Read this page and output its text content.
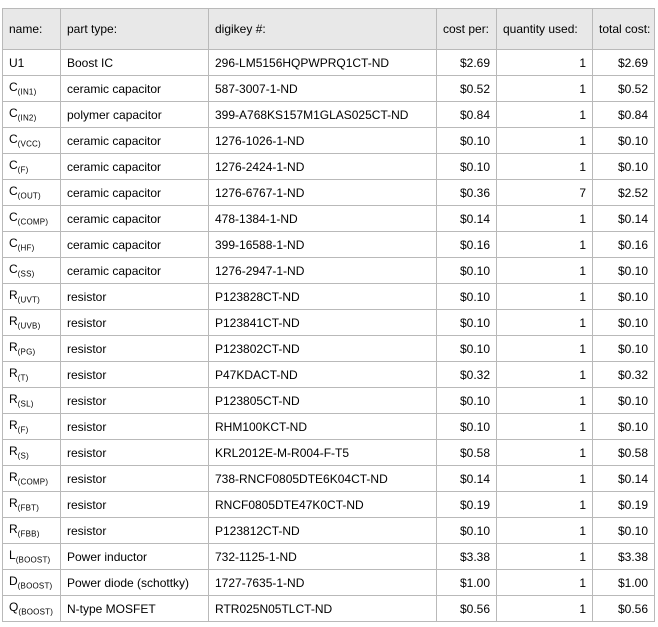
name:	part type:	digikey #:	cost per:	quantity used:	total cost:
U1	Boost IC	296-LM5156HQPWPRQ1CT-ND	$2.69	1	$2.69
$C_{(IN1)}$	ceramic capacitor	587-3007-1-ND	$0.52	1	$0.52
$C_{(IN2)}$	polymer capacitor	399-A768KS157M1GLAS025CT-ND	$0.84	1	$0.84
$C_{(VCC)}$	ceramic capacitor	1276-1026-1-ND	$0.10	1	$0.10
$C_{(F)}$	ceramic capacitor	1276-2424-1-ND	$0.10	1	$0.10
$C_{(OUT)}$	ceramic capacitor	1276-6767-1-ND	$0.36	7	$2.52
$C_{(COMP)}$	ceramic capacitor	478-1384-1-ND	$0.14	1	$0.14
$C_{(HF)}$	ceramic capacitor	399-16588-1-ND	$0.16	1	$0.16
$C_{(SS)}$	ceramic capacitor	1276-2947-1-ND	$0.10	1	$0.10
$R_{(UVT)}$	resistor	P123828CT-ND	$0.10	1	$0.10
$R_{(UVB)}$	resistor	P123841CT-ND	$0.10	1	$0.10
$R_{(PG)}$	resistor	P123802CT-ND	$0.10	1	$0.10
$R_{(T)}$	resistor	P47KDACT-ND	$0.32	1	$0.32
$R_{(SL)}$	resistor	P123805CT-ND	$0.10	1	$0.10
$R_{(F)}$	resistor	RHM100KCT-ND	$0.10	1	$0.10
$R_{(S)}$	resistor	KRL2012E-M-R004-F-T5	$0.58	1	$0.58
$R_{(COMP)}$	resistor	738-RNCF0805DTE6K04CT-ND	$0.14	1	$0.14
$R_{(FBT)}$	resistor	RNCF0805DTE47K0CT-ND	$0.19	1	$0.19
$R_{(FBB)}$	resistor	P123812CT-ND	$0.10	1	$0.10
$L_{(BOOST)}$	Power inductor	732-1125-1-ND	$3.38	1	$3.38
$D_{(BOOST)}$	Power diode (schottky)	1727-7635-1-ND	$1.00	1	$1.00
$Q_{(BOOST)}$	N-type MOSFET	RTR025N05TLCT-ND	$0.56	1	$0.56
